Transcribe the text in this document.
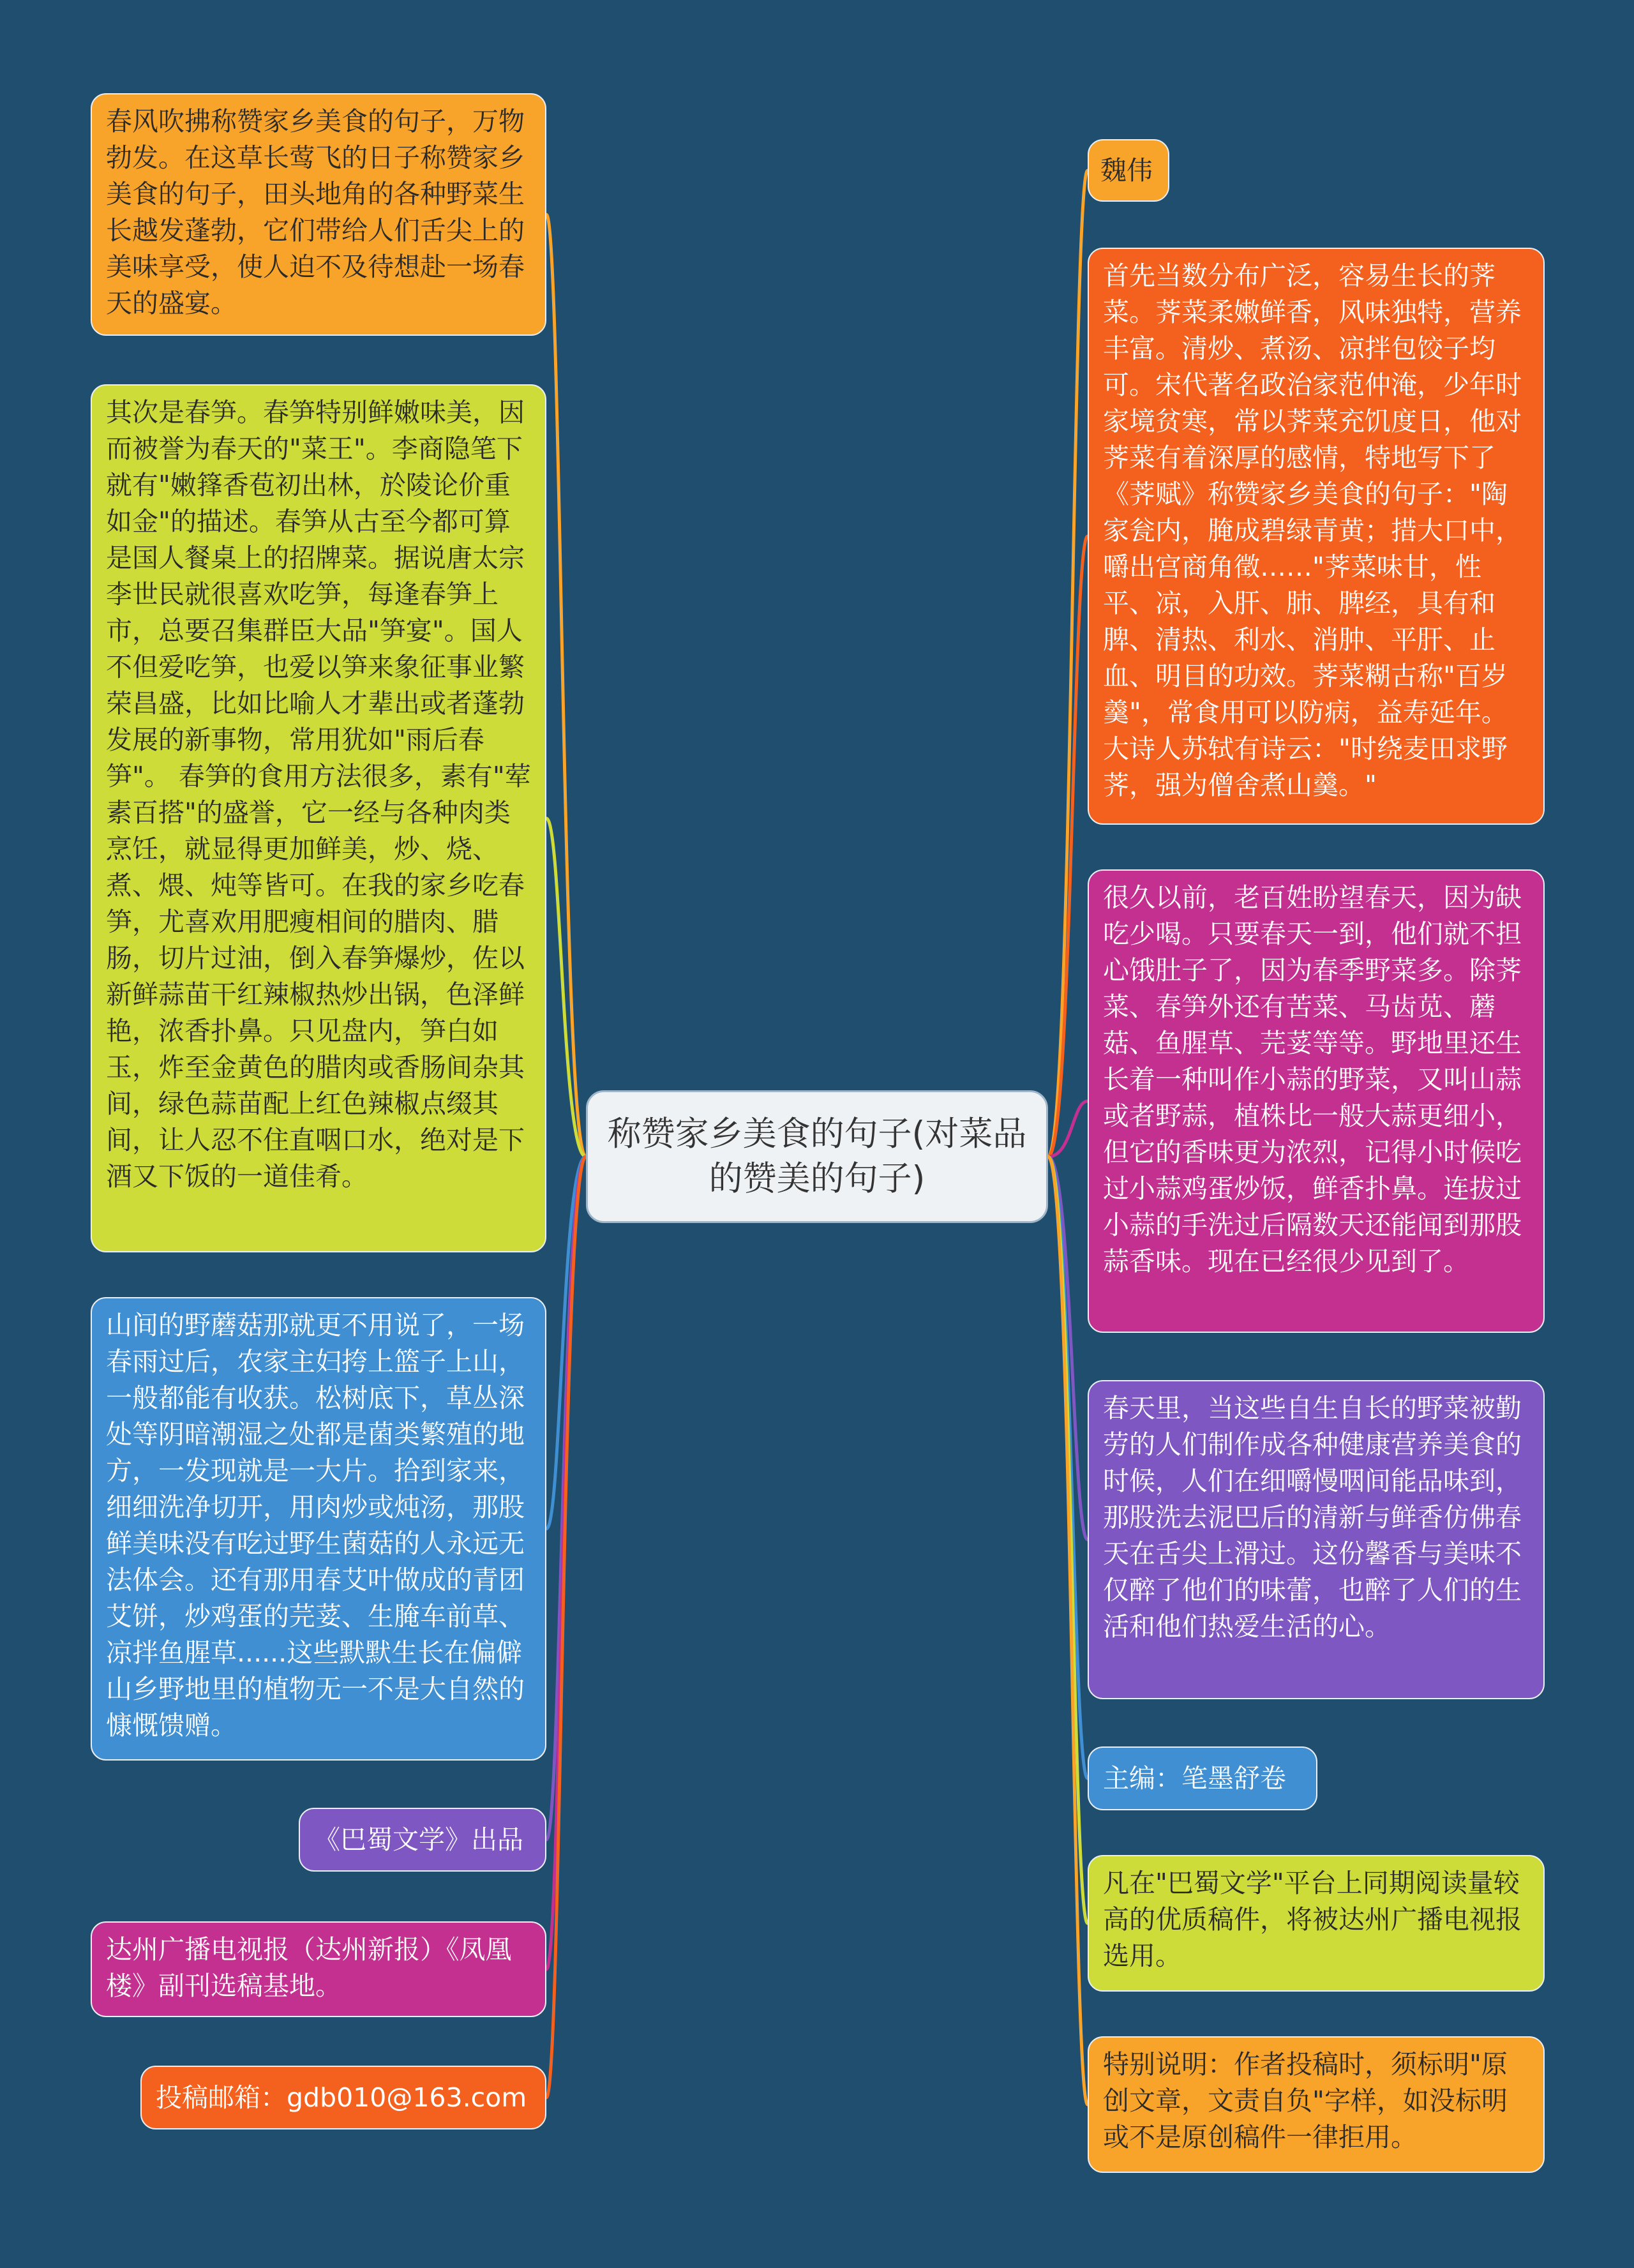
称赞家乡美食的句子(对菜品的赞美的句子)
春风吹拂称赞家乡美食的句子，万物勃发。在这草长莺飞的日子称赞家乡美食的句子，田头地角的各种野菜生长越发蓬勃，它们带给人们舌尖上的美味享受，使人迫不及待想赴一场春天的盛宴。
其次是春笋。春笋特别鲜嫩味美，因而被誉为春天的"菜王"。李商隐笔下就有"嫩箨香苞初出林，於陵论价重如金"的描述。春笋从古至今都可算是国人餐桌上的招牌菜。据说唐太宗李世民就很喜欢吃笋，每逢春笋上市，总要召集群臣大品"笋宴"。国人不但爱吃笋，也爱以笋来象征事业繁荣昌盛，比如比喻人才辈出或者蓬勃发展的新事物，常用犹如"雨后春笋"。 春笋的食用方法很多，素有"荤素百搭"的盛誉，它一经与各种肉类烹饪，就显得更加鲜美，炒、烧、煮、煨、炖等皆可。在我的家乡吃春笋，尤喜欢用肥瘦相间的腊肉、腊肠，切片过油，倒入春笋爆炒，佐以新鲜蒜苗干红辣椒热炒出锅，色泽鲜艳，浓香扑鼻。只见盘内，笋白如玉，炸至金黄色的腊肉或香肠间杂其间，绿色蒜苗配上红色辣椒点缀其间，让人忍不住直咽口水，绝对是下酒又下饭的一道佳肴。
山间的野蘑菇那就更不用说了，一场春雨过后，农家主妇挎上篮子上山，一般都能有收获。松树底下，草丛深处等阴暗潮湿之处都是菌类繁殖的地方，一发现就是一大片。拾到家来，细细洗净切开，用肉炒或炖汤，那股鲜美味没有吃过野生菌菇的人永远无法体会。还有那用春艾叶做成的青团艾饼，炒鸡蛋的芫荽、生腌车前草、凉拌鱼腥草......这些默默生长在偏僻山乡野地里的植物无一不是大自然的慷慨馈赠。
《巴蜀文学》出品
达州广播电视报（达州新报）《凤凰楼》副刊选稿基地。
投稿邮箱：gdb010@163.com
魏伟
首先当数分布广泛，容易生长的荠菜。荠菜柔嫩鲜香，风味独特，营养丰富。清炒、煮汤、凉拌包饺子均可。宋代著名政治家范仲淹，少年时家境贫寒，常以荠菜充饥度日，他对荠菜有着深厚的感情，特地写下了《荠赋》称赞家乡美食的句子："陶家瓮内，腌成碧绿青黄；措大口中，嚼出宫商角徵……"荠菜味甘，性平、凉，入肝、肺、脾经，具有和脾、清热、利水、消肿、平肝、止血、明目的功效。荠菜糊古称"百岁羹"，常食用可以防病，益寿延年。大诗人苏轼有诗云："时绕麦田求野荠，强为僧舍煮山羹。"
很久以前，老百姓盼望春天，因为缺吃少喝。只要春天一到，他们就不担心饿肚子了，因为春季野菜多。除荠菜、春笋外还有苦菜、马齿苋、蘑菇、鱼腥草、芫荽等等。野地里还生长着一种叫作小蒜的野菜，又叫山蒜或者野蒜，植株比一般大蒜更细小，但它的香味更为浓烈，记得小时候吃过小蒜鸡蛋炒饭，鲜香扑鼻。连拔过小蒜的手洗过后隔数天还能闻到那股蒜香味。现在已经很少见到了。
春天里，当这些自生自长的野菜被勤劳的人们制作成各种健康营养美食的时候，人们在细嚼慢咽间能品味到，那股洗去泥巴后的清新与鲜香仿佛春天在舌尖上滑过。这份馨香与美味不仅醉了他们的味蕾，也醉了人们的生活和他们热爱生活的心。
主编：笔墨舒卷
凡在"巴蜀文学"平台上同期阅读量较高的优质稿件，将被达州广播电视报选用。
特别说明：作者投稿时，须标明"原创文章，文责自负"字样，如没标明或不是原创稿件一律拒用。
